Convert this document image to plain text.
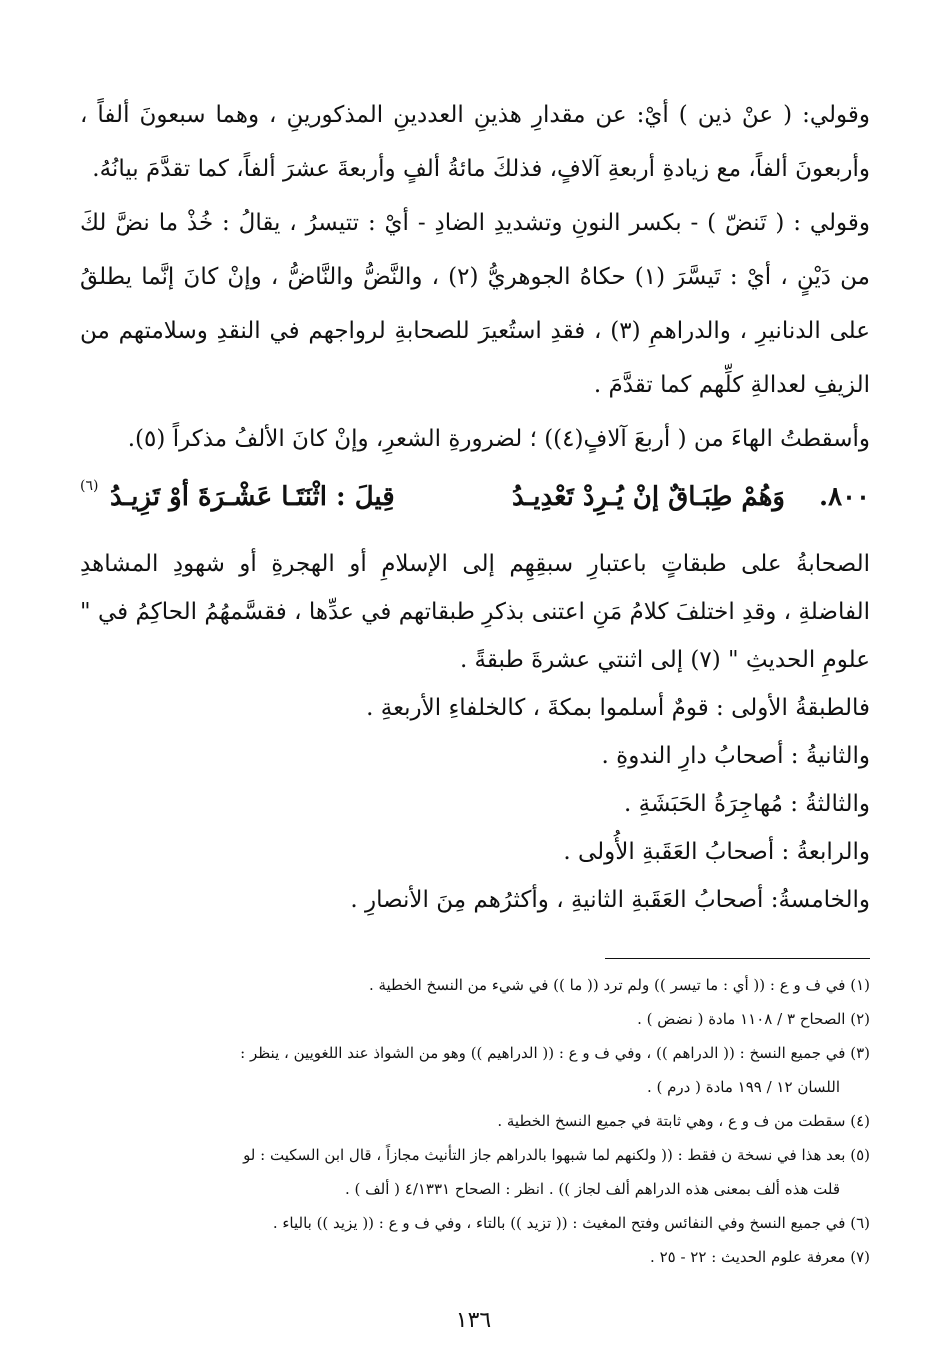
وقولي: ( عنْ ذين ) أيْ: عن مقدارِ هذينِ العددينِ المذكورينِ ، وهما سبعونَ ألفاً ، وأربعونَ ألفاً، مع زيادةِ أربعةِ آلافٍ، فذلكَ مائةُ ألفٍ وأربعةَ عشرَ ألفاً، كما تقدَّمَ بيانُهُ.

وقولي : ( تَنضّ ) - بكسر النونِ وتشديدِ الضادِ - أيْ : تتيسرُ ، يقالُ : خُذْ ما نضَّ لكَ من دَيْنٍ ، أيْ : تَيسَّرَ (١) حكاهُ الجوهريُّ (٢) ، والنَّضُّ والنَّاضُّ ، وإنْ كانَ إنَّما يطلقُ على الدنانيرِ ، والدراهمِ (٣) ، فقدِ استُعيرَ للصحابةِ لرواجهم في النقدِ وسلامتهم من الزيفِ لعدالةِ كلِّهم كما تقدَّمَ .

وأسقطتُ الهاءَ من ( أربعَ آلافٍ(٤)) ؛ لضرورةِ الشعرِ، وإنْ كانَ الألفُ مذكراً (٥).

٨٠٠.
وَهُمْ طِبَـاقٌ إنْ يُـرِدْ تَعْدِيـدُ
قِيلَ : اثْنَتَـا عَشْـرَةَ أوْ تَزِيـدُ
(٦)

الصحابةُ على طبقاتٍ باعتبارِ سبقِهِم إلى الإسلامِ أو الهجرةِ أو شهودِ المشاهدِ الفاضلةِ ، وقدِ اختلفَ كلامُ مَنِ اعتنى بذكرِ طبقاتهم في عدِّها ، فقسَّمهُمُ الحاكِمُ في " علومِ الحديثِ " (٧) إلى اثنتي عشرةَ طبقةً .

فالطبقةُ الأولى : قومٌ أسلموا بمكةَ ، كالخلفاءِ الأربعةِ .

والثانيةُ : أصحابُ دارِ الندوةِ .

والثالثةُ : مُهاجِرَةُ الحَبَشَةِ .

والرابعةُ : أصحابُ العَقَبةِ الأُولى .

والخامسةُ: أصحابُ العَقَبةِ الثانيةِ ، وأكثرُهم مِنَ الأنصارِ .

(١) في ف و ع : (( أي : ما تيسر )) ولم ترد (( ما )) في شيء من النسخ الخطية .

(٢) الصحاح ٣ / ١١٠٨ مادة ( نضض ) .

(٣) في جميع النسخ : (( الدراهم )) ، وفي ف و ع : (( الدراهيم )) وهو من الشواذ عند اللغويين ، ينظر :

اللسان ١٢ / ١٩٩ مادة ( درم ) .

(٤) سقطت من ف و ع ، وهي ثابتة في جميع النسخ الخطية .

(٥) بعد هذا في نسخة ن فقط : (( ولكنهم لما شبهوا بالدراهم جاز التأنيث مجازاً ، قال ابن السكيت : لو

قلت هذه ألف بمعنى هذه الدراهم ألف لجاز )) . انظر : الصحاح ٤/١٣٣١ ( ألف ) .

(٦) في جميع النسخ وفي النفائس وفتح المغيث : (( تزيد )) بالتاء ، وفي ف و ع : (( يزيد )) بالياء .

(٧) معرفة علوم الحديث : ٢٢ - ٢٥ .

١٣٦
